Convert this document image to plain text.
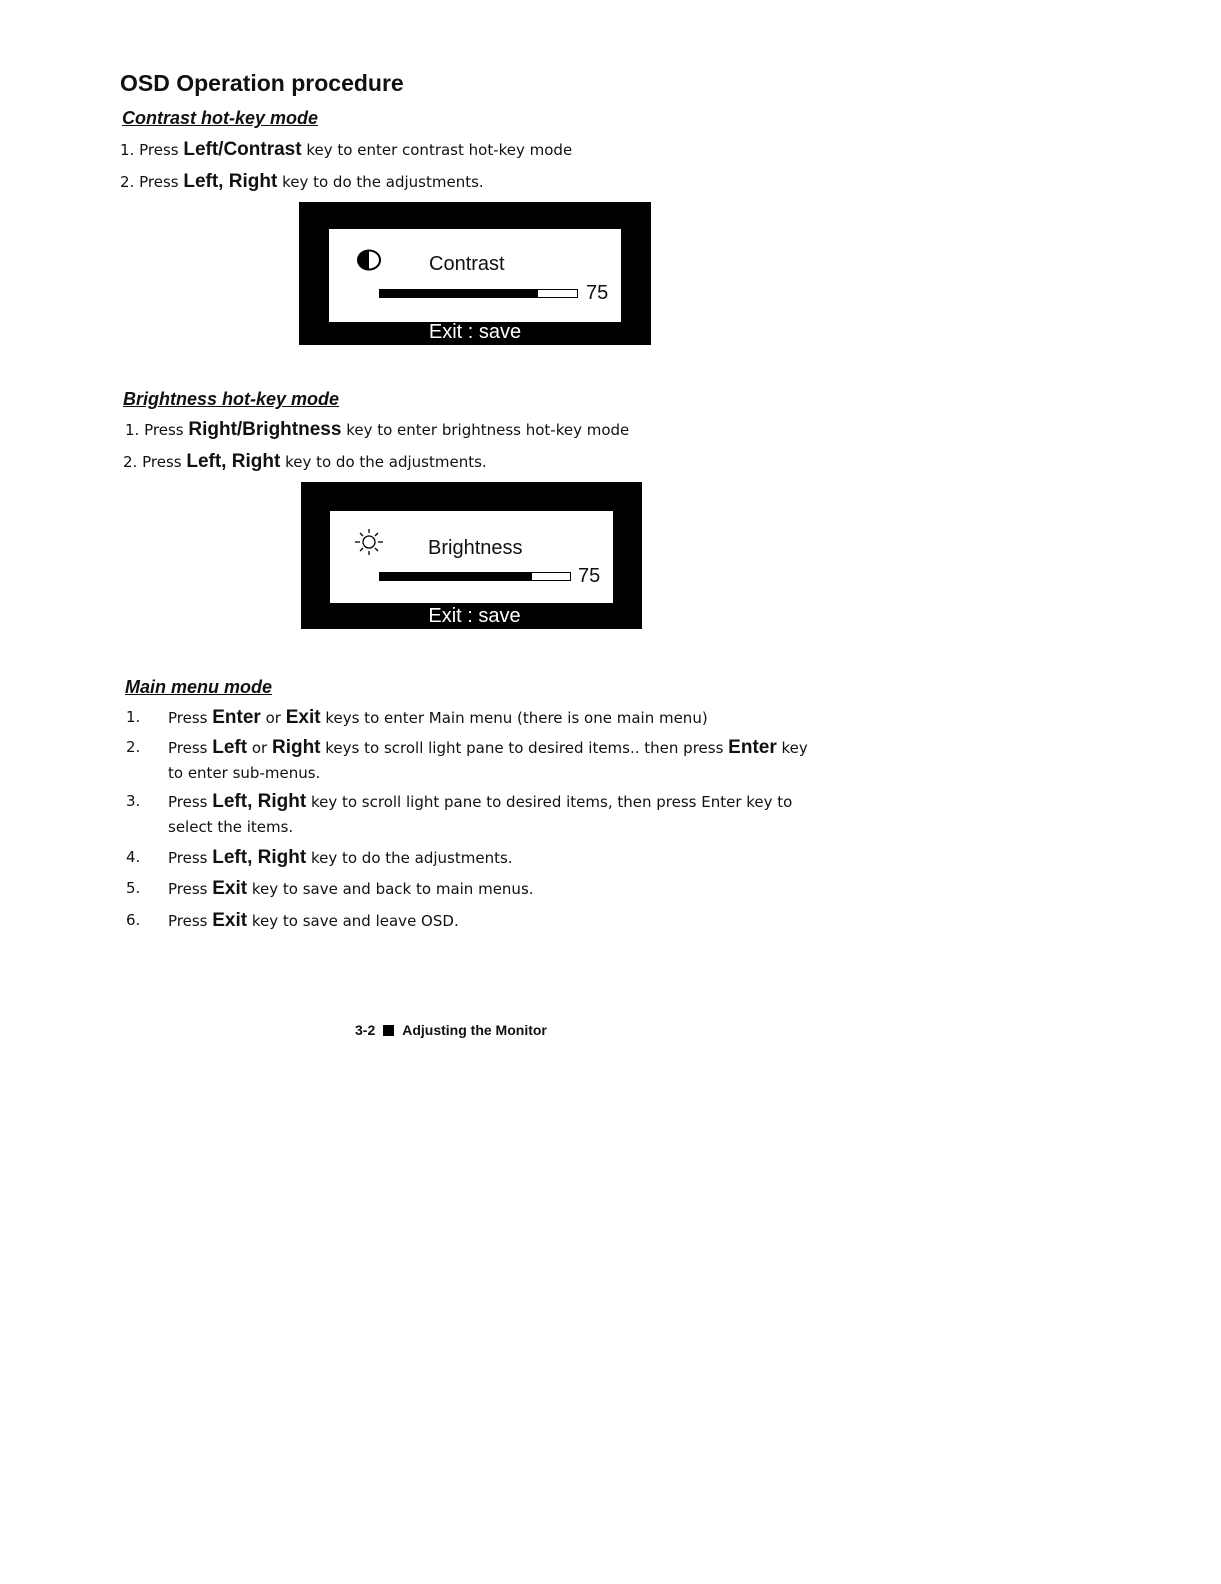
OSD Operation procedure
Contrast hot-key mode
1. Press Left/Contrast key to enter contrast hot-key mode
2. Press Left, Right key to do the adjustments.
Contrast
75
Exit : save
Brightness hot-key mode
1. Press Right/Brightness key to enter brightness hot-key mode
2. Press Left, Right key to do the adjustments.
Brightness
75
Exit : save
Main menu mode
1. Press Enter or Exit keys to enter Main menu (there is one main menu)
2. Press Left or Right keys to scroll light pane to desired items.. then press Enter key to enter sub-menus.
3. Press Left, Right key to scroll light pane to desired items, then press Enter key to select the items.
4. Press Left, Right key to do the adjustments.
5. Press Exit key to save and back to main menus.
6. Press Exit key to save and leave OSD.
3-2 Adjusting the Monitor
